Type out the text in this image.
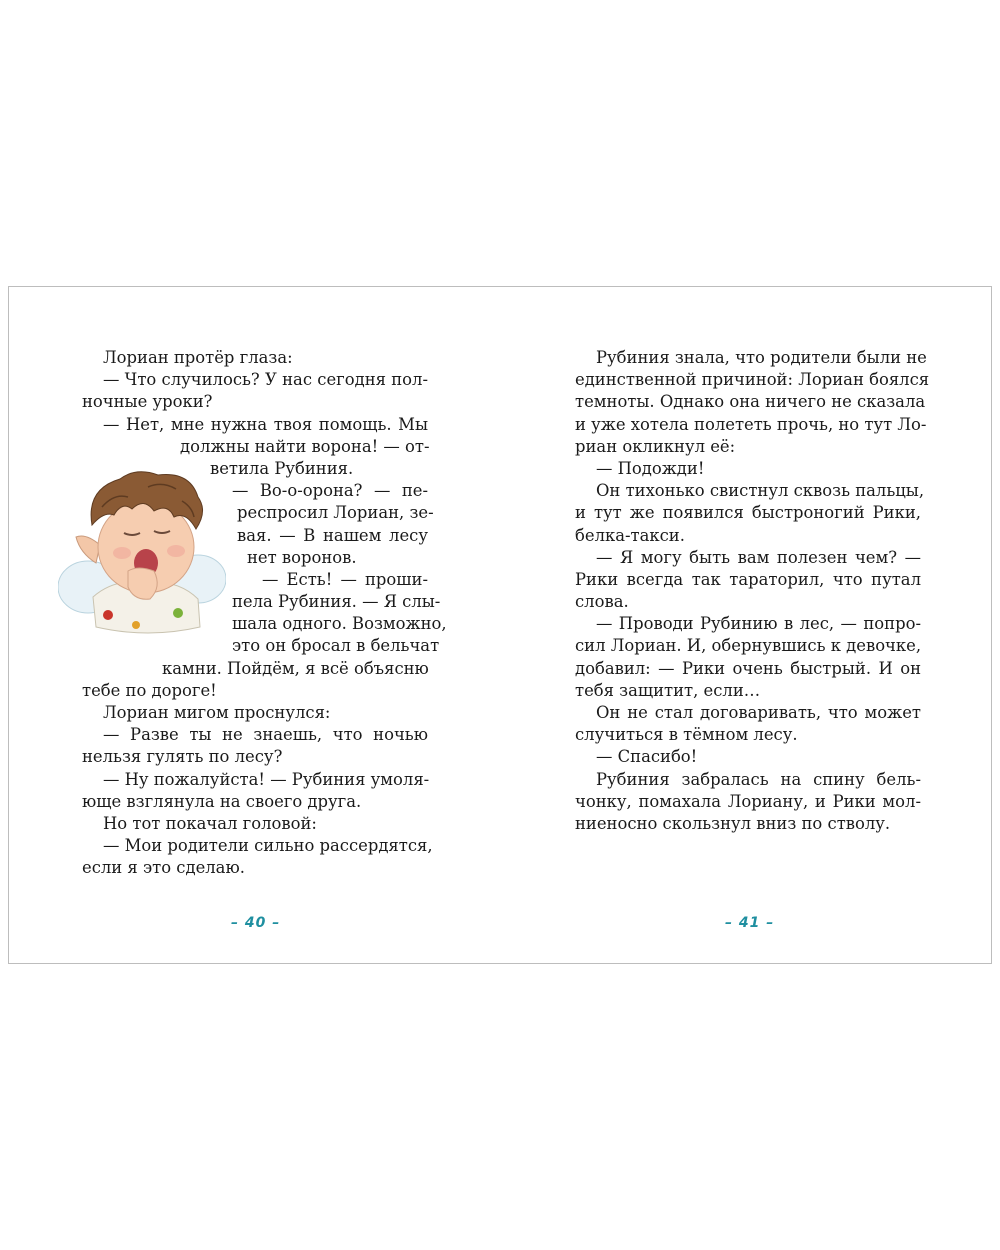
Лориан протёр глаза:
— Что случилось? У нас сегодня пол-
ночные уроки?
— Нет, мне нужна твоя помощь. Мы
должны найти ворона! — от-
ветила Рубиния.
— Во-о-орона? — пе-
респросил Лориан, зе-
вая. — В нашем лесу
нет воронов.
— Есть! — проши-
пела Рубиния. — Я слы-
шала одного. Возможно,
это он бросал в бельчат
камни. Пойдём, я всё объясню
тебе по дороге!
Лориан мигом проснулся:
— Разве ты не знаешь, что ночью
нельзя гулять по лесу?
— Ну пожалуйста! — Рубиния умоля-
юще взглянула на своего друга.
Но тот покачал головой:
— Мои родители сильно рассердятся,
если я это сделаю.
Рубиния знала, что родители были не
единственной причиной: Лориан боялся
темноты. Однако она ничего не сказала
и уже хотела полететь прочь, но тут Ло-
риан окликнул её:
— Подожди!
Он тихонько свистнул сквозь пальцы,
и тут же появился быстроногий Рики,
белка-такси.
— Я могу быть вам полезен чем? —
Рики всегда так тараторил, что путал
слова.
— Проводи Рубинию в лес, — попро-
сил Лориан. И, обернувшись к девочке,
добавил: — Рики очень быстрый. И он
тебя защитит, если…
Он не стал договаривать, что может
случиться в тёмном лесу.
— Спасибо!
Рубиния забралась на спину бель-
чонку, помахала Лориану, и Рики мол-
ниеносно скользнул вниз по стволу.
– 40 –	– 41 –
